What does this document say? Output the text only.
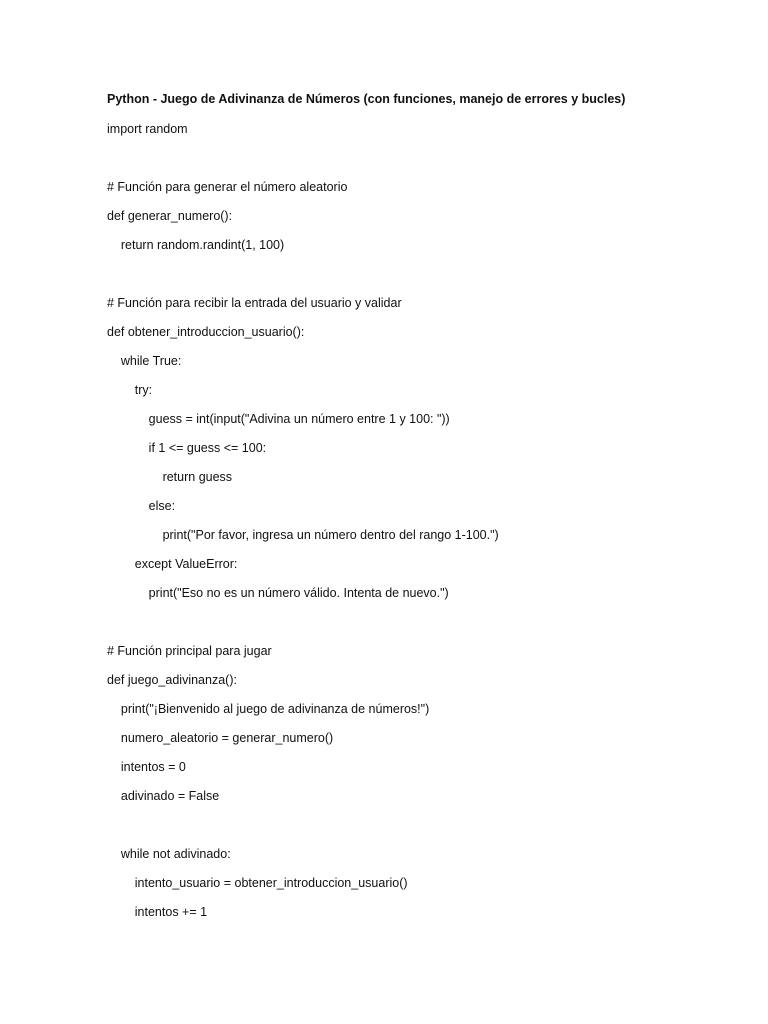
Python - Juego de Adivinanza de Números (con funciones, manejo de errores y bucles)
import random
# Función para generar el número aleatorio
def generar_numero():
return random.randint(1, 100)
# Función para recibir la entrada del usuario y validar
def obtener_introduccion_usuario():
while True:
try:
guess = int(input("Adivina un número entre 1 y 100: "))
if 1 <= guess <= 100:
return guess
else:
print("Por favor, ingresa un número dentro del rango 1-100.")
except ValueError:
print("Eso no es un número válido. Intenta de nuevo.")
# Función principal para jugar
def juego_adivinanza():
print("¡Bienvenido al juego de adivinanza de números!")
numero_aleatorio = generar_numero()
intentos = 0
adivinado = False
while not adivinado:
intento_usuario = obtener_introduccion_usuario()
intentos += 1
